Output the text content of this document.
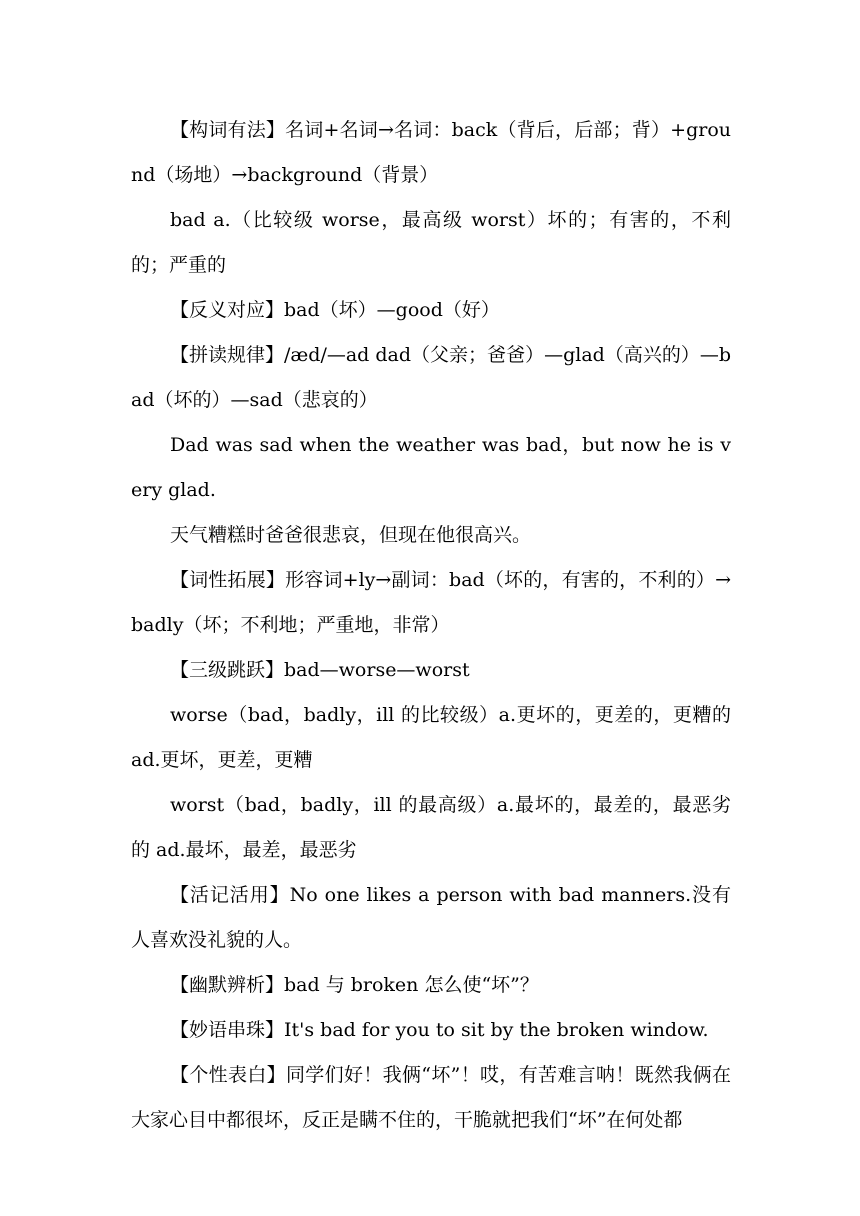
【构词有法】名词+名词→名词：back（背后，后部；背）+ground（场地）→background（背景）

bad a.（比较级 worse，最高级 worst）坏的；有害的，不利的；严重的

【反义对应】bad（坏）—good（好）

【拼读规律】/æd/—ad dad（父亲；爸爸）—glad（高兴的）—bad（坏的）—sad（悲哀的）

Dad was sad when the weather was bad，but now he is very glad.

天气糟糕时爸爸很悲哀，但现在他很高兴。

【词性拓展】形容词+ly→副词：bad（坏的，有害的，不利的）→badly（坏；不利地；严重地，非常）

【三级跳跃】bad—worse—worst

worse（bad，badly，ill 的比较级）a.更坏的，更差的，更糟的 ad.更坏，更差，更糟

worst（bad，badly，ill 的最高级）a.最坏的，最差的，最恶劣的 ad.最坏，最差，最恶劣

【活记活用】No one likes a person with bad manners.没有人喜欢没礼貌的人。

【幽默辨析】bad 与 broken 怎么使“坏”？

【妙语串珠】It's bad for you to sit by the broken window.

【个性表白】同学们好！我俩“坏”！哎，有苦难言呐！既然我俩在大家心目中都很坏，反正是瞒不住的，干脆就把我们“坏”在何处都
